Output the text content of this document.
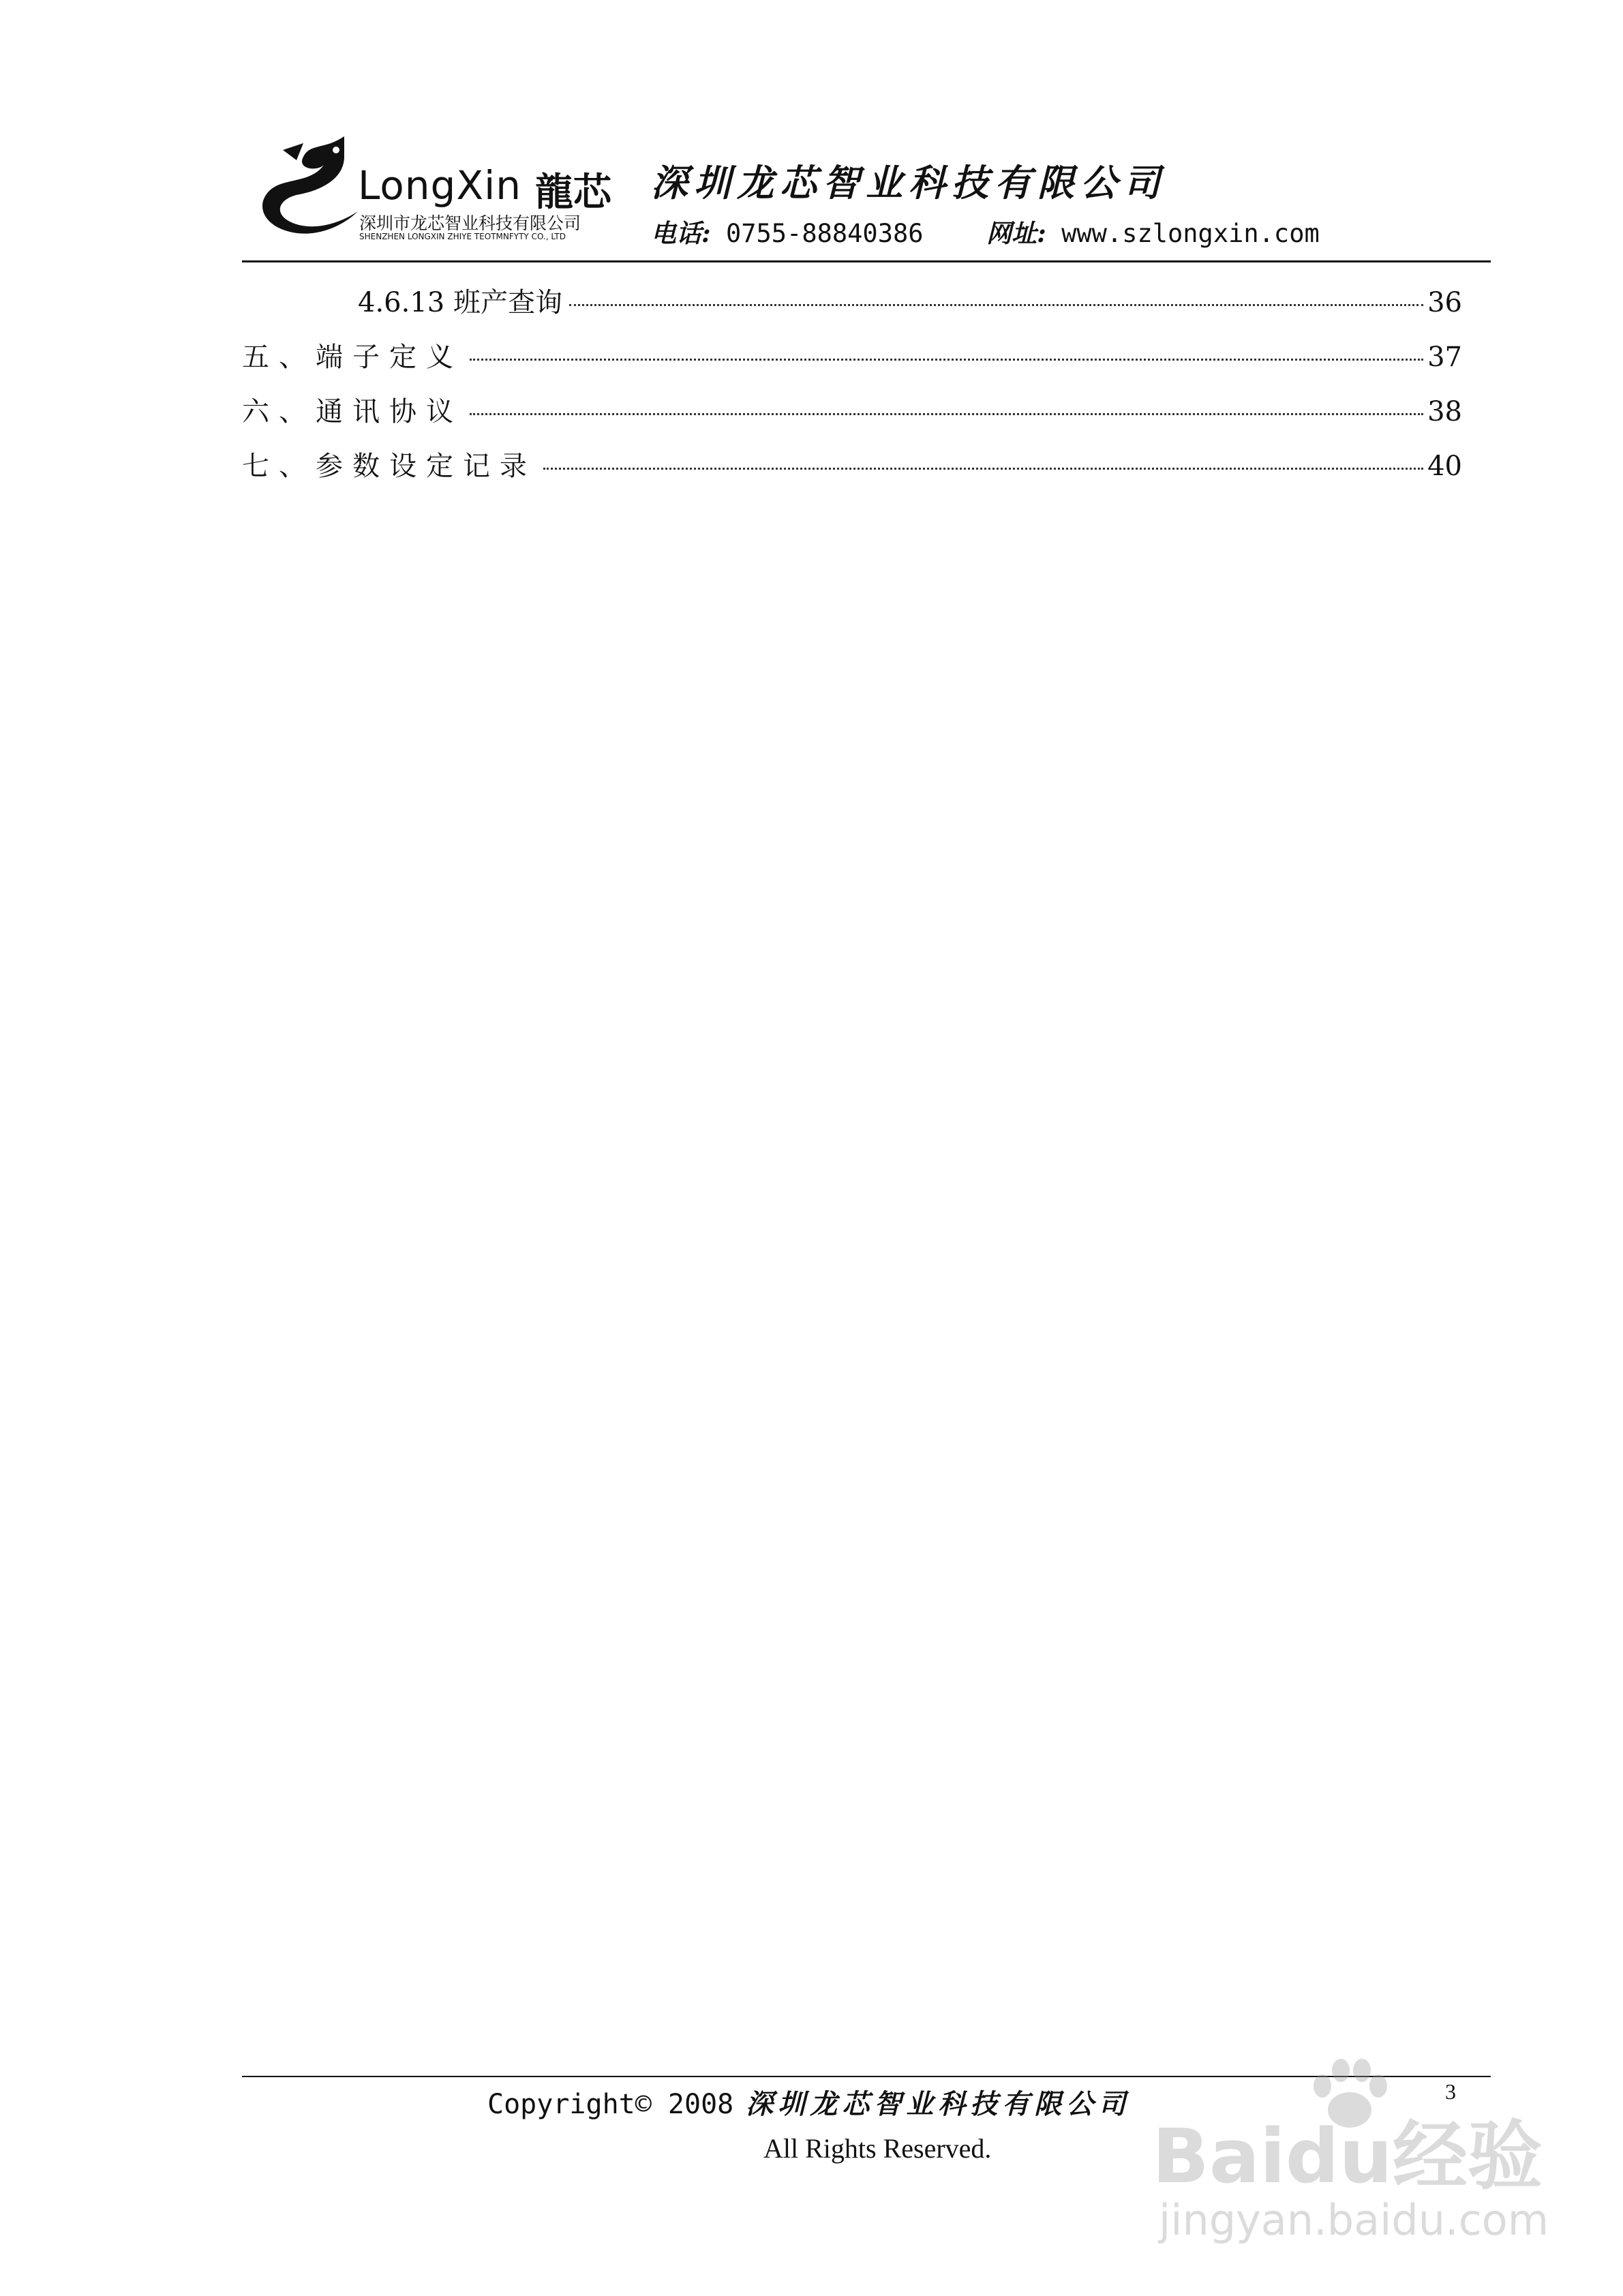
LongXin 龍芯
深圳市龙芯智业科技有限公司
SHENZHEN LONGXIN ZHIYE TEOTMNFYTY CO., LTD
深圳龙芯智业科技有限公司
电话: 0755-88840386	网址: www.szlongxin.com
4.6.13 班产查询	36
五、端子定义	37
六、通讯协议	38
七、参数设定记录	40
Copyright© 2008 深圳龙芯智业科技有限公司
All Rights Reserved.
3
Baidu经验
jingyan.baidu.com
